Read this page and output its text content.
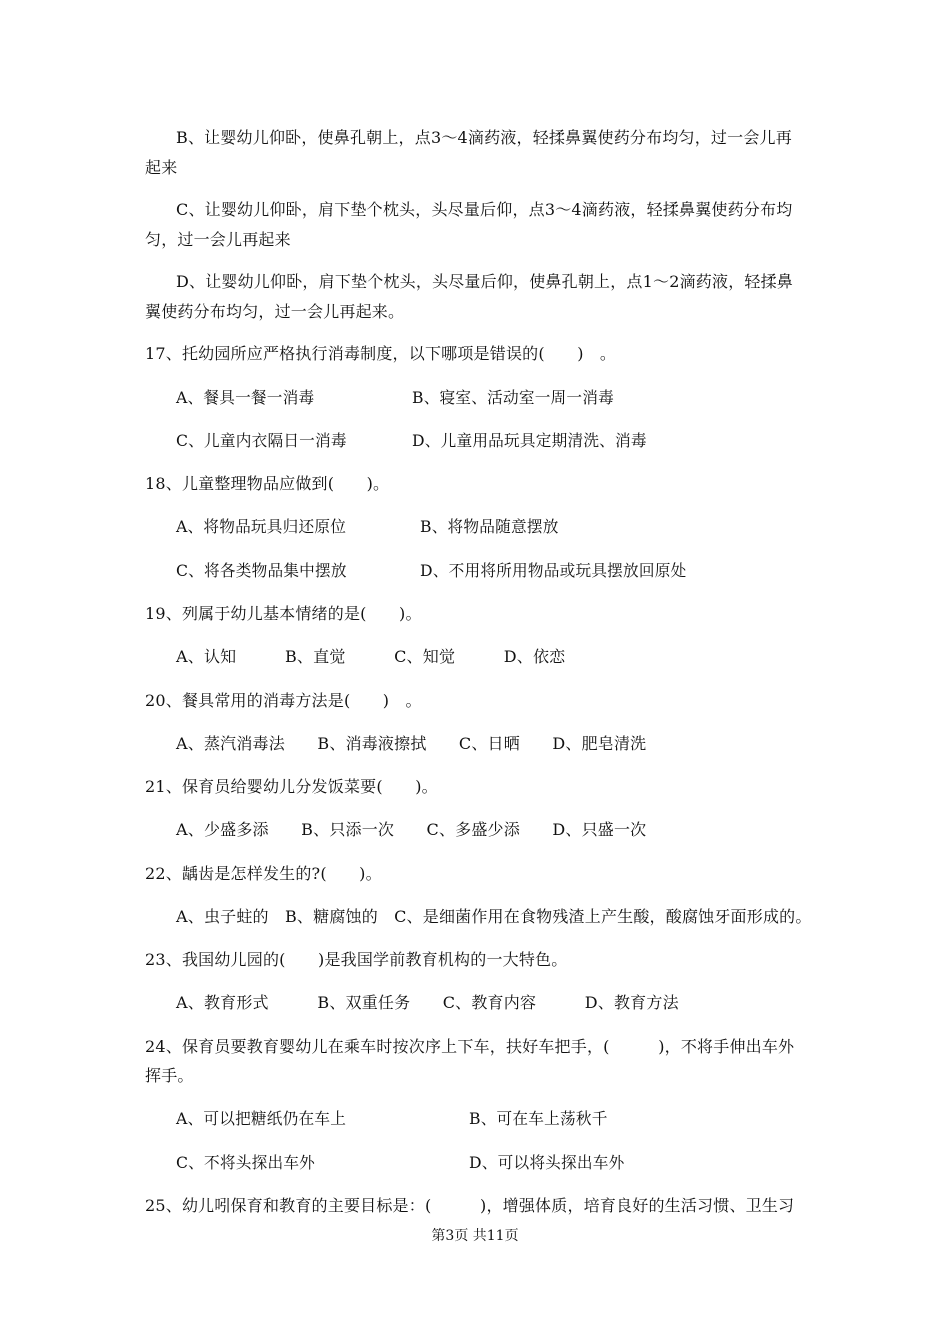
B、让婴幼儿仰卧，使鼻孔朝上，点3～4滴药液，轻揉鼻翼使药分布均匀，过一会儿再
起来
C、让婴幼儿仰卧，肩下垫个枕头，头尽量后仰，点3～4滴药液，轻揉鼻翼使药分布均
匀，过一会儿再起来
D、让婴幼儿仰卧，肩下垫个枕头，头尽量后仰，使鼻孔朝上，点1～2滴药液，轻揉鼻
翼使药分布均匀，过一会儿再起来。
17、托幼园所应严格执行消毒制度，以下哪项是错误的(　　)　。
A、餐具一餐一消毒	B、寝室、活动室一周一消毒
C、儿童内衣隔日一消毒	D、儿童用品玩具定期清洗、消毒
18、儿童整理物品应做到(　　)。
A、将物品玩具归还原位	B、将物品随意摆放
C、将各类物品集中摆放	D、不用将所用物品或玩具摆放回原处
19、列属于幼儿基本情绪的是(　　)。
A、认知　　　B、直觉　　　C、知觉　　　D、依恋
20、餐具常用的消毒方法是(　　)　。
A、蒸汽消毒法　　B、消毒液擦拭　　C、日晒　　D、肥皂清洗
21、保育员给婴幼儿分发饭菜要(　　)。
A、少盛多添　　B、只添一次　　C、多盛少添　　D、只盛一次
22、龋齿是怎样发生的?(　　)。
A、虫子蛀的　B、糖腐蚀的　C、是细菌作用在食物残渣上产生酸，酸腐蚀牙面形成的。
23、我国幼儿园的(　　)是我国学前教育机构的一大特色。
A、教育形式　　　B、双重任务　　C、教育内容　　　D、教育方法
24、保育员要教育婴幼儿在乘车时按次序上下车，扶好车把手，(　　　)，不将手伸出车外
挥手。
A、可以把糖纸仍在车上	B、可在车上荡秋千
C、不将头探出车外	D、可以将头探出车外
25、幼儿吲保育和教育的主要目标是：(　　　)，增强体质，培育良好的生活习惯、卫生习
第3页 共11页
